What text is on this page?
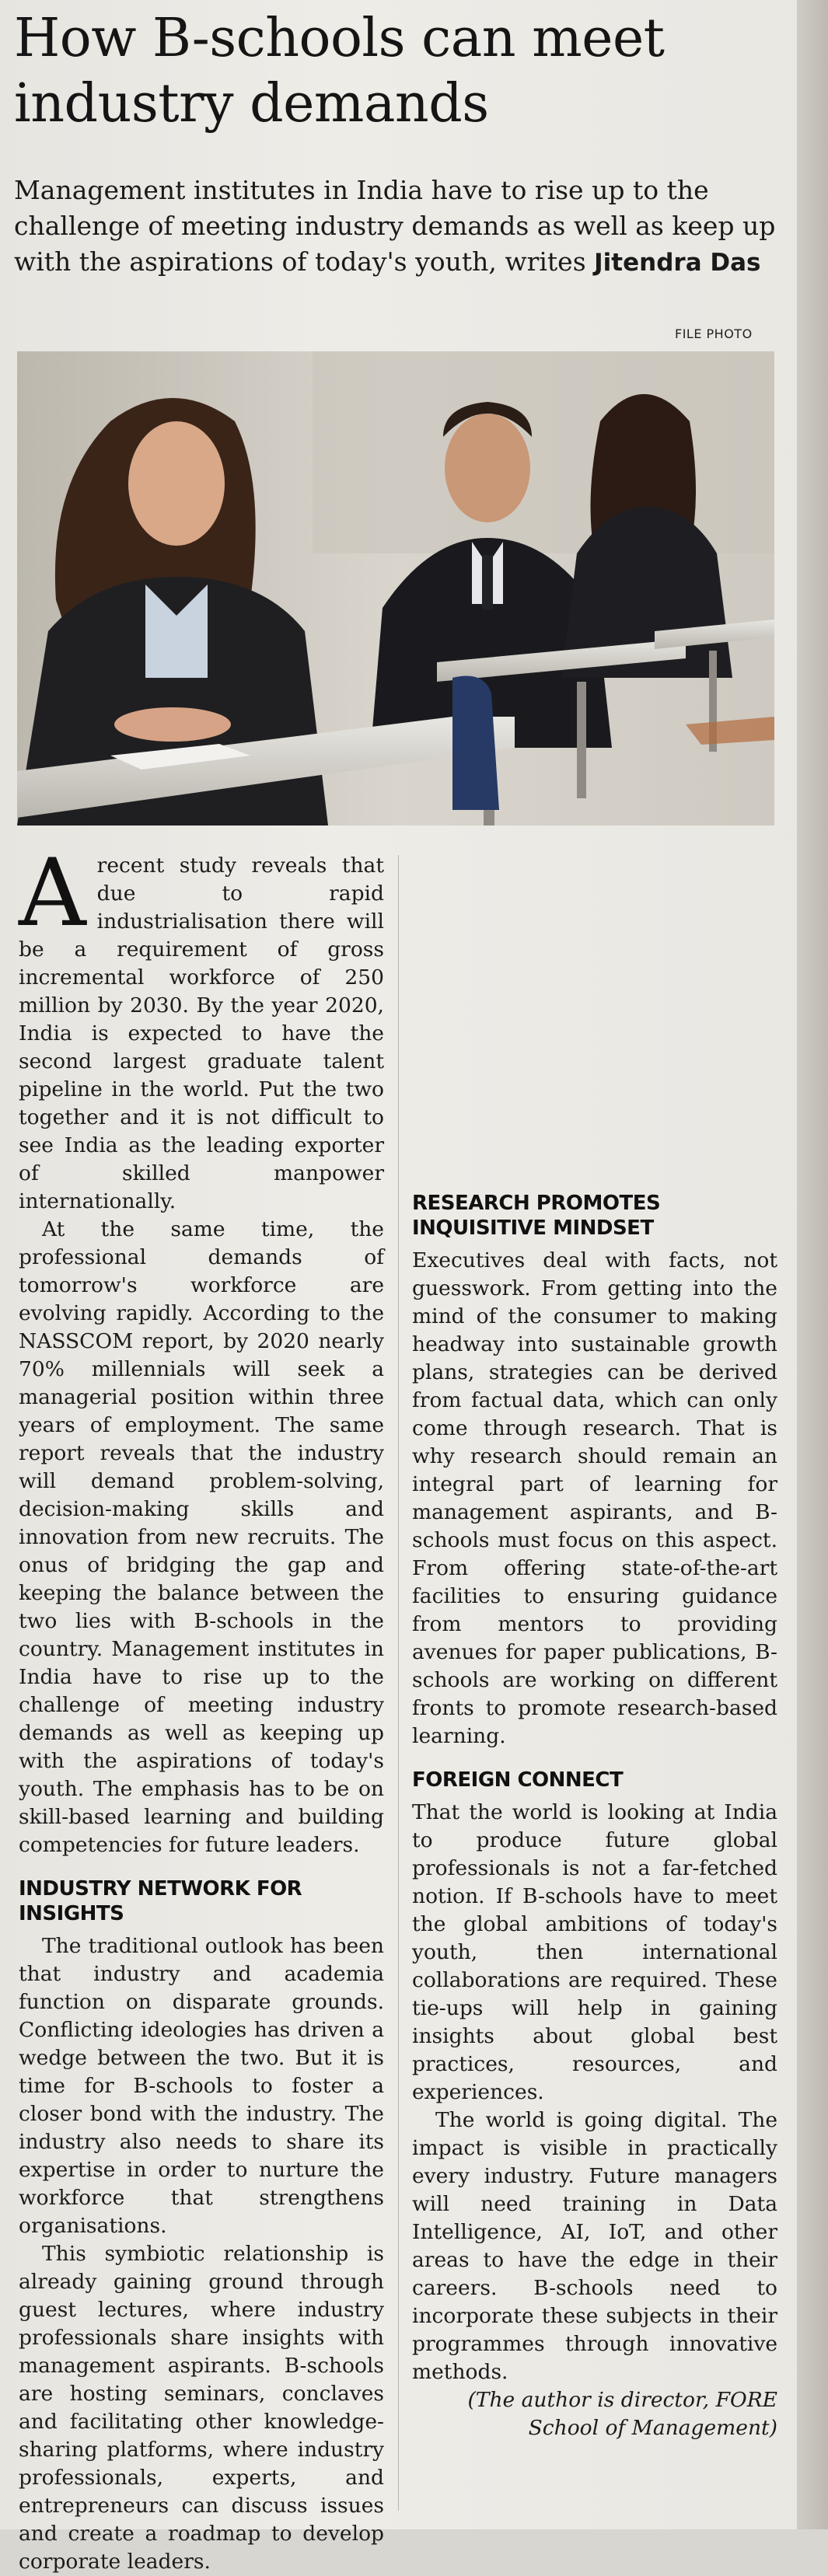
How B-schools can meet industry demands

Management institutes in India have to rise up to the challenge of meeting industry demands as well as keep up with the aspirations of today's youth, writes Jitendra Das

FILE PHOTO

Arecent study reveals that due to rapid industrialisation there will be a requirement of gross incremental workforce of 250 million by 2030. By the year 2020, India is expected to have the second largest graduate talent pipeline in the world. Put the two together and it is not difficult to see India as the leading exporter of skilled manpower internationally.

At the same time, the professional demands of tomorrow's workforce are evolving rapidly. According to the NASSCOM report, by 2020 nearly 70% millennials will seek a managerial position within three years of employment. The same report reveals that the industry will demand problem-solving, decision-making skills and innovation from new recruits. The onus of bridging the gap and keeping the balance between the two lies with B-schools in the country. Management institutes in India have to rise up to the challenge of meeting industry demands as well as keeping up with the aspirations of today's youth. The emphasis has to be on skill-based learning and building competencies for future leaders.

INDUSTRY NETWORK FOR INSIGHTS

The traditional outlook has been that industry and academia function on disparate grounds. Conflicting ideologies has driven a wedge between the two. But it is time for B-schools to foster a closer bond with the industry. The industry also needs to share its expertise in order to nurture the workforce that strengthens organisations.

This symbiotic relationship is already gaining ground through guest lectures, where industry professionals share insights with management aspirants. B-schools are hosting seminars, conclaves and facilitating other knowledge-sharing platforms, where industry professionals, experts, and entrepreneurs can discuss issues and create a roadmap to develop corporate leaders.

RESEARCH PROMOTES INQUISITIVE MINDSET

Executives deal with facts, not guesswork. From getting into the mind of the consumer to making headway into sustainable growth plans, strategies can be derived from factual data, which can only come through research. That is why research should remain an integral part of learning for management aspirants, and B-schools must focus on this aspect. From offering state-of-the-art facilities to ensuring guidance from mentors to providing avenues for paper publications, B-schools are working on different fronts to promote research-based learning.

FOREIGN CONNECT

That the world is looking at India to produce future global professionals is not a far-fetched notion. If B-schools have to meet the global ambitions of today's youth, then international collaborations are required. These tie-ups will help in gaining insights about global best practices, resources, and experiences.

The world is going digital. The impact is visible in practically every industry. Future managers will need training in Data Intelligence, AI, IoT, and other areas to have the edge in their careers. B-schools need to incorporate these subjects in their programmes through innovative methods.

(The author is director, FORE School of Management)
